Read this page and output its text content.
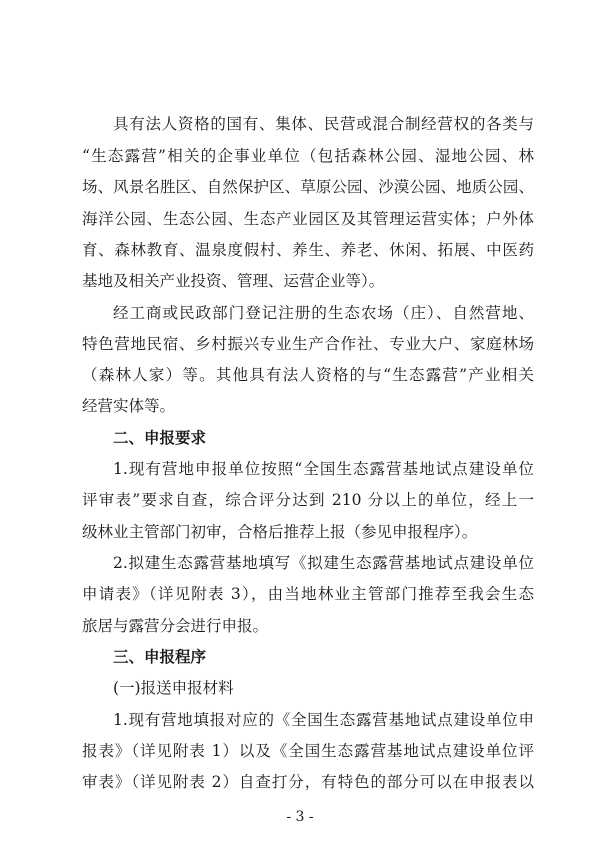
具有法人资格的国有、集体、民营或混合制经营权的各类与
“生态露营”相关的企事业单位（包括森林公园、湿地公园、林
场、风景名胜区、自然保护区、草原公园、沙漠公园、地质公园、
海洋公园、生态公园、生态产业园区及其管理运营实体；户外体
育、森林教育、温泉度假村、养生、养老、休闲、拓展、中医药
基地及相关产业投资、管理、运营企业等）。
经工商或民政部门登记注册的生态农场（庄）、自然营地、
特色营地民宿、乡村振兴专业生产合作社、专业大户、家庭林场
（森林人家）等。其他具有法人资格的与“生态露营”产业相关
经营实体等。
二、申报要求
1.现有营地申报单位按照“全国生态露营基地试点建设单位
评审表”要求自查，综合评分达到 210 分以上的单位，经上一
级林业主管部门初审，合格后推荐上报（参见申报程序）。
2.拟建生态露营基地填写《拟建生态露营基地试点建设单位
申请表》（详见附表 3），由当地林业主管部门推荐至我会生态
旅居与露营分会进行申报。
三、申报程序
(一)报送申报材料
1.现有营地填报对应的《全国生态露营基地试点建设单位申
报表》（详见附表 1）以及《全国生态露营基地试点建设单位评
审表》（详见附表 2）自查打分，有特色的部分可以在申报表以
- 3 -
